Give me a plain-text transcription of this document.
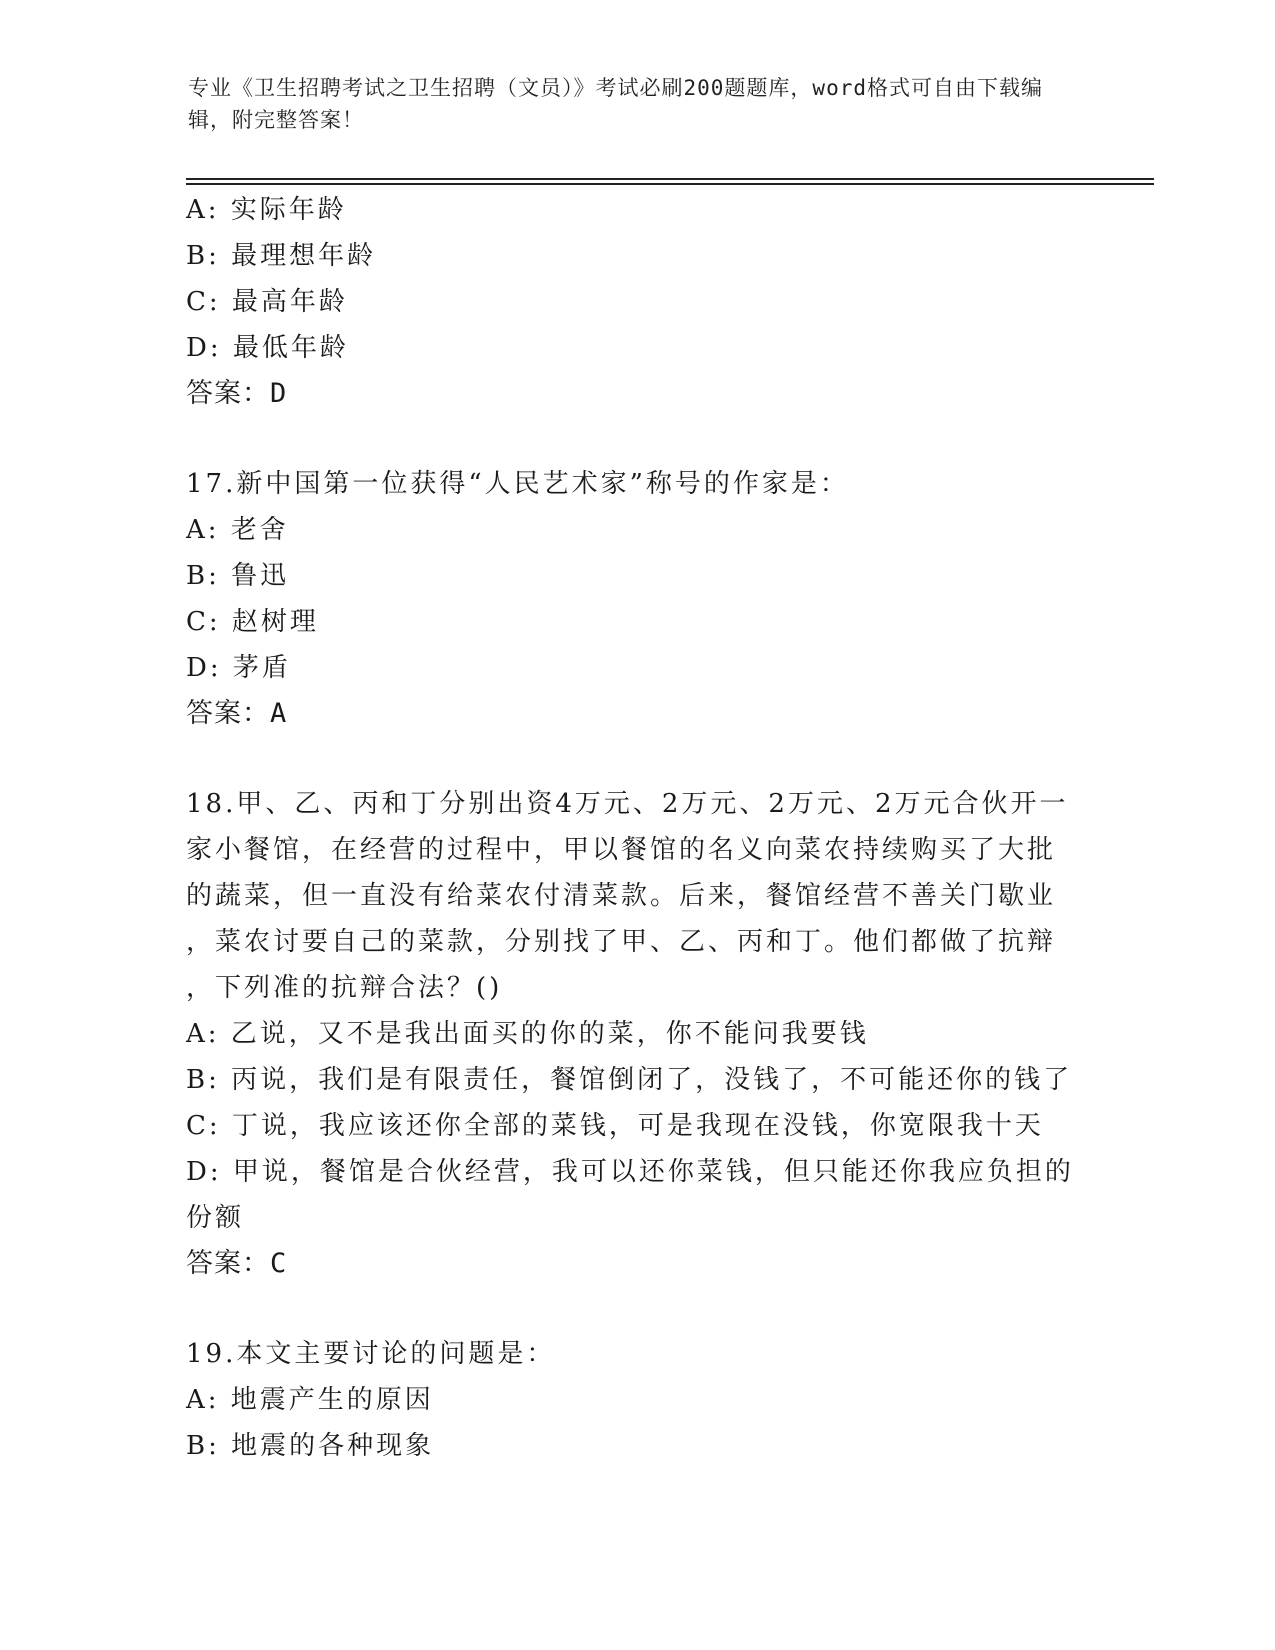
专业《卫生招聘考试之卫生招聘（文员）》考试必刷200题题库，word格式可自由下载编辑，附完整答案！
A: 实际年龄
B: 最理想年龄
C: 最高年龄
D: 最低年龄
答案：D
17.新中国第一位获得“人民艺术家”称号的作家是：
A: 老舍
B: 鲁迅
C: 赵树理
D: 茅盾
答案：A
18.甲、乙、丙和丁分别出资4万元、2万元、2万元、2万元合伙开一
家小餐馆，在经营的过程中，甲以餐馆的名义向菜农持续购买了大批
的蔬菜，但一直没有给菜农付清菜款。后来，餐馆经营不善关门歇业
，菜农讨要自己的菜款，分别找了甲、乙、丙和丁。他们都做了抗辩
，下列准的抗辩合法？()
A: 乙说，又不是我出面买的你的菜，你不能问我要钱
B: 丙说，我们是有限责任，餐馆倒闭了，没钱了，不可能还你的钱了
C: 丁说，我应该还你全部的菜钱，可是我现在没钱，你宽限我十天
D: 甲说，餐馆是合伙经营，我可以还你菜钱，但只能还你我应负担的
份额
答案：C
19.本文主要讨论的问题是：
A: 地震产生的原因
B: 地震的各种现象
